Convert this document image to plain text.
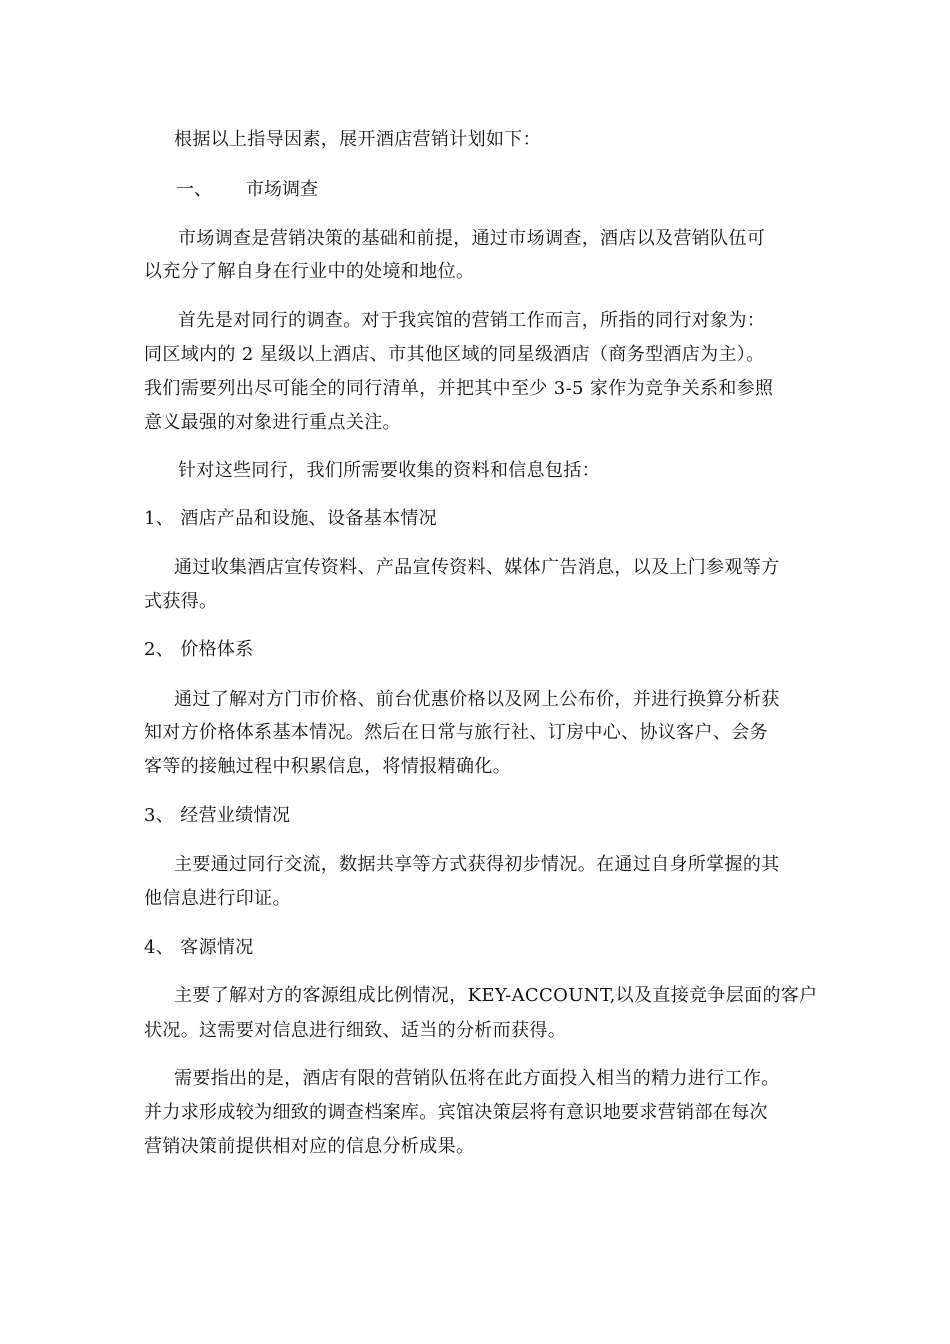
根据以上指导因素，展开酒店营销计划如下：
一、 市场调查
市场调查是营销决策的基础和前提，通过市场调查，酒店以及营销队伍可
以充分了解自身在行业中的处境和地位。
首先是对同行的调查。对于我宾馆的营销工作而言，所指的同行对象为：
同区域内的 2 星级以上酒店、市其他区域的同星级酒店（商务型酒店为主）。
我们需要列出尽可能全的同行清单，并把其中至少 3-5 家作为竞争关系和参照
意义最强的对象进行重点关注。
针对这些同行，我们所需要收集的资料和信息包括：
1、 酒店产品和设施、设备基本情况
通过收集酒店宣传资料、产品宣传资料、媒体广告消息，以及上门参观等方
式获得。
2、 价格体系
通过了解对方门市价格、前台优惠价格以及网上公布价，并进行换算分析获
知对方价格体系基本情况。然后在日常与旅行社、订房中心、协议客户、会务
客等的接触过程中积累信息，将情报精确化。
3、 经营业绩情况
主要通过同行交流，数据共享等方式获得初步情况。在通过自身所掌握的其
他信息进行印证。
4、 客源情况
主要了解对方的客源组成比例情况，KEY-ACCOUNT,以及直接竞争层面的客户
状况。这需要对信息进行细致、适当的分析而获得。
需要指出的是，酒店有限的营销队伍将在此方面投入相当的精力进行工作。
并力求形成较为细致的调查档案库。宾馆决策层将有意识地要求营销部在每次
营销决策前提供相对应的信息分析成果。
